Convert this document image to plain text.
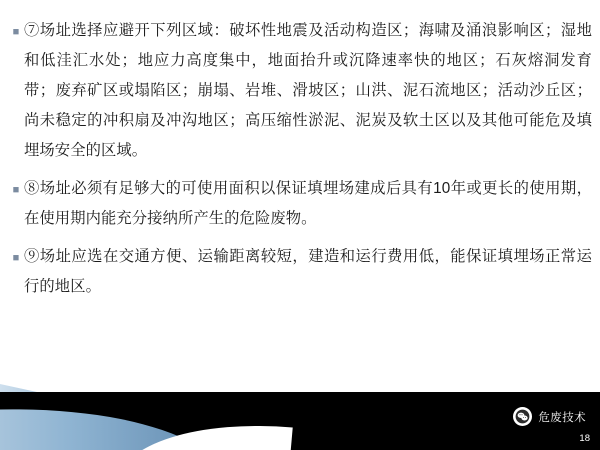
■ ⑦场址选择应避开下列区域：破坏性地震及活动构造区；海啸及涌浪影响区；湿地和低洼汇水处；地应力高度集中，地面抬升或沉降速率快的地区；石灰熔洞发育带；废弃矿区或塌陷区；崩塌、岩堆、滑坡区；山洪、泥石流地区；活动沙丘区；尚未稳定的冲积扇及冲沟地区；高压缩性淤泥、泥炭及软土区以及其他可能危及填埋场安全的区域。
■ ⑧场址必须有足够大的可使用面积以保证填埋场建成后具有10年或更长的使用期，在使用期内能充分接纳所产生的危险废物。
■ ⑨场址应选在交通方便、运输距离较短，建造和运行费用低，能保证填埋场正常运行的地区。
危废技术
18
